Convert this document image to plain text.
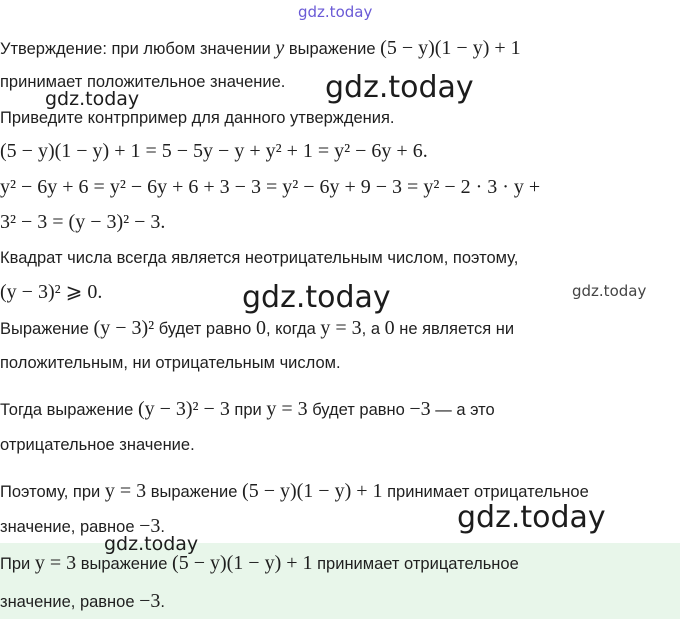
Утверждение: при любом значении y выражение (5 − y)(1 − y) + 1
принимает положительное значение.
Приведите контрпример для данного утверждения.
(5 − y)(1 − y) + 1 = 5 − 5y − y + y² + 1 = y² − 6y + 6.
y² − 6y + 6 = y² − 6y + 6 + 3 − 3 = y² − 6y + 9 − 3 = y² − 2 · 3 · y +
3² − 3 = (y − 3)² − 3.
Квадрат числа всегда является неотрицательным числом, поэтому,
(y − 3)² ⩾ 0.
Выражение (y − 3)² будет равно 0, когда y = 3, а 0 не является ни
положительным, ни отрицательным числом.
Тогда выражение (y − 3)² − 3 при y = 3 будет равно −3 — а это
отрицательное значение.
Поэтому, при y = 3 выражение (5 − y)(1 − y) + 1 принимает отрицательное
значение, равное −3.
При y = 3 выражение (5 − y)(1 − y) + 1 принимает отрицательное
значение, равное −3.
gdz.today
gdz.today
gdz.today
gdz.today	gdz.today
gdz.today
gdz.today
